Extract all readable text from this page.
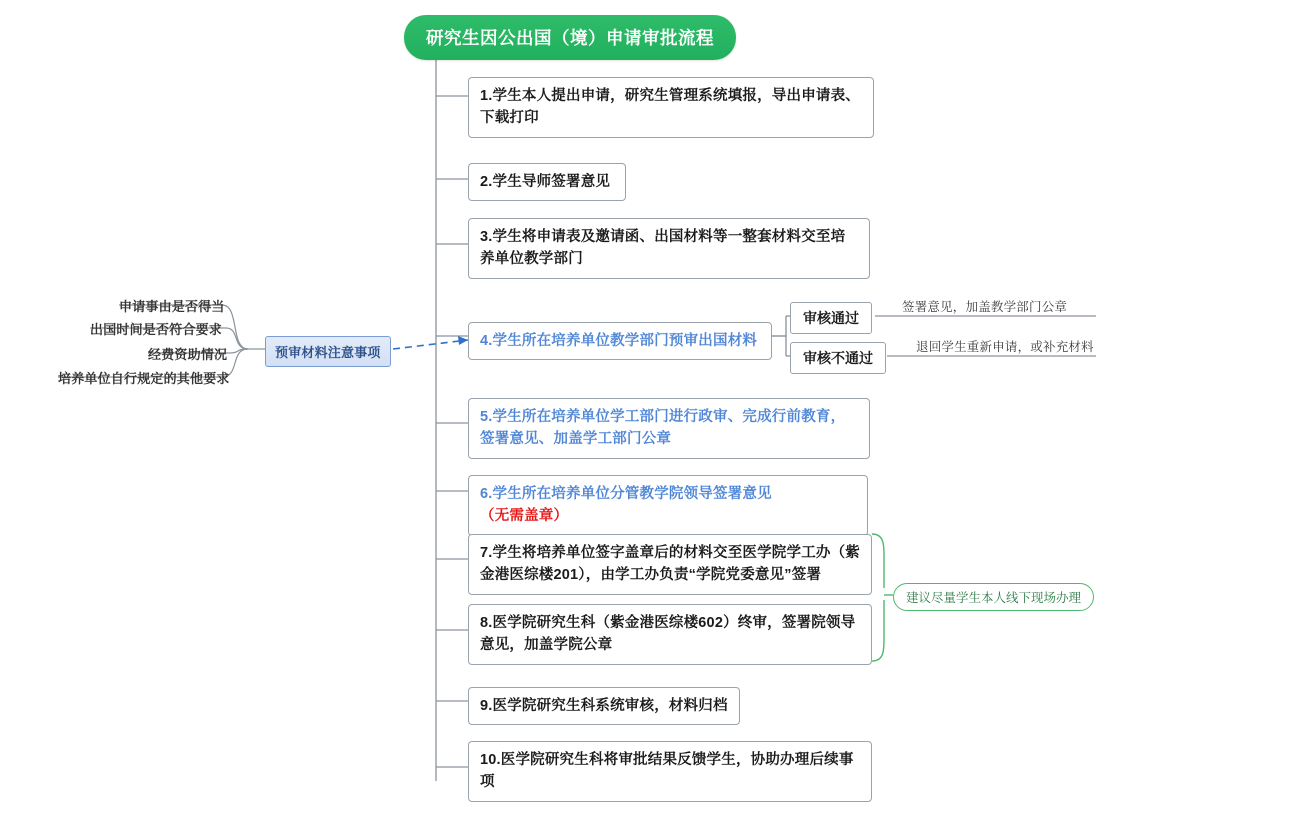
研究生因公出国（境）申请审批流程
1.学生本人提出申请，研究生管理系统填报，导出申请表、下载打印
2.学生导师签署意见
3.学生将申请表及邀请函、出国材料等一整套材料交至培养单位教学部门
4.学生所在培养单位教学部门预审出国材料
5.学生所在培养单位学工部门进行政审、完成行前教育，签署意见、加盖学工部门公章
6.学生所在培养单位分管教学院领导签署意见（无需盖章）
7.学生将培养单位签字盖章后的材料交至医学院学工办（紫金港医综楼201），由学工办负责“学院党委意见”签署
8.医学院研究生科（紫金港医综楼602）终审，签署院领导意见，加盖学院公章
9.医学院研究生科系统审核，材料归档
10.医学院研究生科将审批结果反馈学生，协助办理后续事项
审核通过
签署意见，加盖教学部门公章
审核不通过
退回学生重新申请，或补充材料
预审材料注意事项
申请事由是否得当
出国时间是否符合要求
经费资助情况
培养单位自行规定的其他要求
建议尽量学生本人线下现场办理
